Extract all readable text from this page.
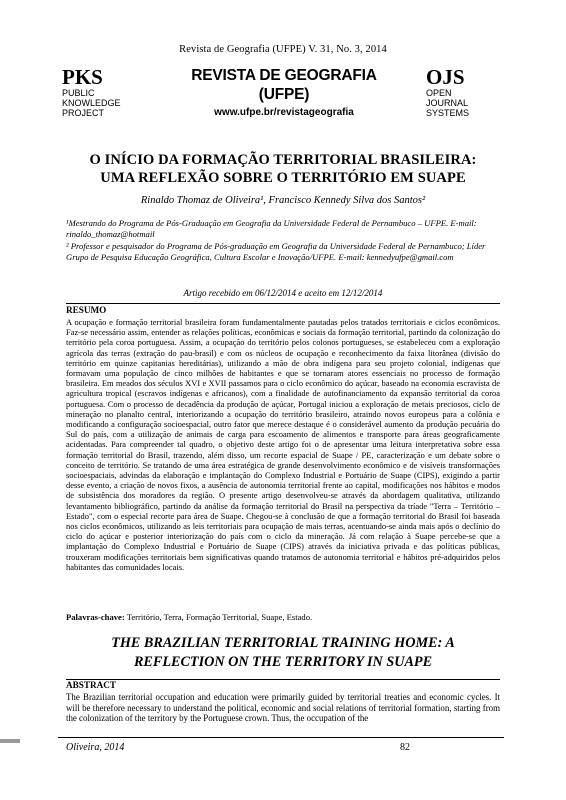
Revista de Geografia (UFPE) V. 31, No. 3, 2014
PKS
PUBLIC
KNOWLEDGE
PROJECT
REVISTA DE GEOGRAFIA
(UFPE)
www.ufpe.br/revistageografia
OJS
OPEN
JOURNAL
SYSTEMS
O INÍCIO DA FORMAÇÃO TERRITORIAL BRASILEIRA:
UMA REFLEXÃO SOBRE O TERRITÓRIO EM SUAPE
Rinaldo Thomaz de Oliveira¹, Francisco Kennedy Silva dos Santos²
¹Mestrando do Programa de Pós-Graduação em Geografia da Universidade Federal de Pernambuco – UFPE. E-mail: rinaldo_thomaz@hotmail
² Professor e pesquisador do Programa de Pós-graduação em Geografia da Universidade Federal de Pernambuco; Líder Grupo de Pesquisa Educação Geográfica, Cultura Escolar e Inovação/UFPE. E-mail: kennedyufpe@gmail.com
Artigo recebido em 06/12/2014 e aceito em 12/12/2014
RESUMO
A ocupação e formação territorial brasileira foram fundamentalmente pautadas pelos tratados territoriais e ciclos econômicos. Faz-se necessário assim, entender as relações políticas, econômicas e sociais da formação territorial, partindo da colonização do território pela coroa portuguesa. Assim, a ocupação do território pelos colonos portugueses, se estabeleceu com a exploração agrícola das terras (extração do pau-brasil) e com os núcleos de ocupação e reconhecimento da faixa litorânea (divisão do território em quinze capitanias hereditárias), utilizando a mão de obra indígena para seu projeto colonial, indígenas que formavam uma população de cinco milhões de habitantes e que se tornaram atores essenciais no processo de formação brasileira. Em meados dos séculos XVI e XVII passamos para o ciclo econômico do açúcar, baseado na economia escravista de agricultura tropical (escravos indígenas e africanos), com a finalidade de autofinanciamento da expansão territorial da coroa portuguesa. Com o processo de decadência da produção de açúcar, Portugal iniciou a exploração de metais preciosos, ciclo de mineração no planalto central, interiorizando a ocupação do território brasileiro, atraindo novos europeus para a colônia e modificando a configuração socioespacial, outro fator que merece destaque é o considerável aumento da produção pecuária do Sul do país, com a utilização de animais de carga para escoamento de alimentos e transporte para áreas geograficamente acidentadas. Para compreender tal quadro, o objetivo deste artigo foi o de apresentar uma leitura interpretativa sobre essa formação territorial do Brasil, trazendo, além disso, um recorte espacial de Suape / PE, caracterização e um debate sobre o conceito de território. Se tratando de uma área estratégica de grande desenvolvimento econômico e de visíveis transformações socioespaciais, advindas da elaboração e implantação do Complexo Industrial e Portuário de Suape (CIPS), exigindo a partir desse evento, a criação de novos fixos, a ausência de autonomia territorial frente ao capital, modificações nos hábitos e modos de subsistência dos moradores da região. O presente artigo desenvolveu-se através da abordagem qualitativa, utilizando levantamento bibliográfico, partindo da análise da formação territorial do Brasil na perspectiva da tríade "Terra – Território – Estado", com o especial recorte para área de Suape. Chegou-se à conclusão de que a formação territorial do Brasil foi baseada nos ciclos econômicos, utilizando as leis territoriais para ocupação de mais terras, acentuando-se ainda mais após o declínio do ciclo do açúcar e posterior interiorização do país com o ciclo da mineração. Já com relação à Suape percebe-se que a implantação do Complexo Industrial e Portuário de Suape (CIPS) através da iniciativa privada e das políticas públicas, trouxeram modificações territoriais bem significativas quando tratamos de autonomia territorial e hábitos pré-adquiridos pelos habitantes das comunidades locais.
Palavras-chave: Território, Terra, Formação Territorial, Suape, Estado.
THE BRAZILIAN TERRITORIAL TRAINING HOME: A
REFLECTION ON THE TERRITORY IN SUAPE
ABSTRACT
The Brazilian territorial occupation and education were primarily guided by territorial treaties and economic cycles. It will be therefore necessary to understand the political, economic and social relations of territorial formation, starting from the colonization of the territory by the Portuguese crown. Thus, the occupation of the
Oliveira, 2014	82
